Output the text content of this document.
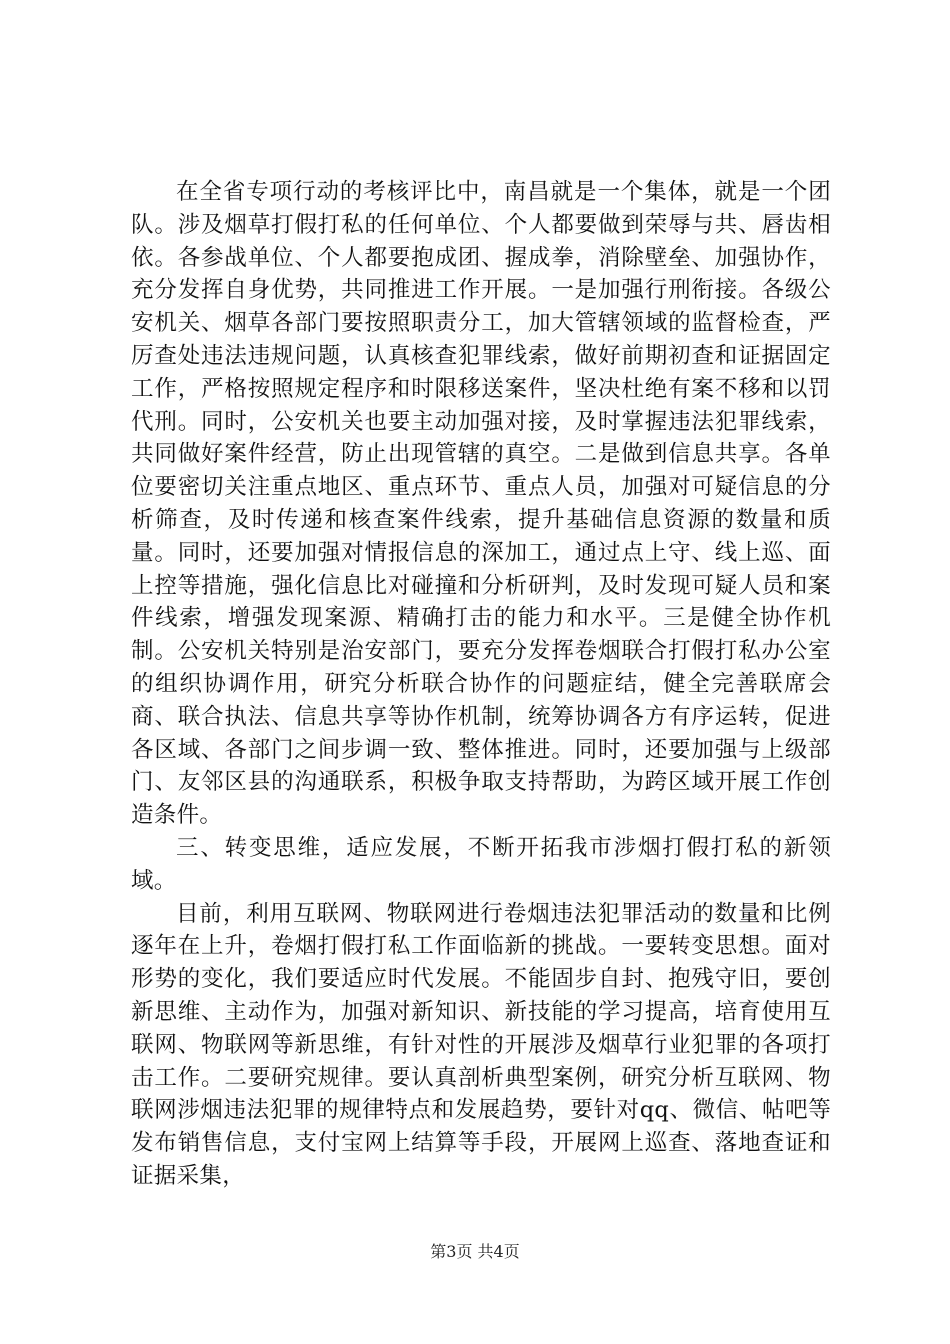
在全省专项行动的考核评比中，南昌就是一个集体，就是一个团队。涉及烟草打假打私的任何单位、个人都要做到荣辱与共、唇齿相依。各参战单位、个人都要抱成团、握成拳，消除壁垒、加强协作，充分发挥自身优势，共同推进工作开展。一是加强行刑衔接。各级公安机关、烟草各部门要按照职责分工，加大管辖领域的监督检查，严厉查处违法违规问题，认真核查犯罪线索，做好前期初查和证据固定工作，严格按照规定程序和时限移送案件，坚决杜绝有案不移和以罚代刑。同时，公安机关也要主动加强对接，及时掌握违法犯罪线索，共同做好案件经营，防止出现管辖的真空。二是做到信息共享。各单位要密切关注重点地区、重点环节、重点人员，加强对可疑信息的分析筛查，及时传递和核查案件线索，提升基础信息资源的数量和质量。同时，还要加强对情报信息的深加工，通过点上守、线上巡、面上控等措施，强化信息比对碰撞和分析研判，及时发现可疑人员和案件线索，增强发现案源、精确打击的能力和水平。三是健全协作机制。公安机关特别是治安部门，要充分发挥卷烟联合打假打私办公室的组织协调作用，研究分析联合协作的问题症结，健全完善联席会商、联合执法、信息共享等协作机制，统筹协调各方有序运转，促进各区域、各部门之间步调一致、整体推进。同时，还要加强与上级部门、友邻区县的沟通联系，积极争取支持帮助，为跨区域开展工作创造条件。

三、转变思维，适应发展，不断开拓我市涉烟打假打私的新领域。

目前，利用互联网、物联网进行卷烟违法犯罪活动的数量和比例逐年在上升，卷烟打假打私工作面临新的挑战。一要转变思想。面对形势的变化，我们要适应时代发展。不能固步自封、抱残守旧，要创新思维、主动作为，加强对新知识、新技能的学习提高，培育使用互联网、物联网等新思维，有针对性的开展涉及烟草行业犯罪的各项打击工作。二要研究规律。要认真剖析典型案例，研究分析互联网、物联网涉烟违法犯罪的规律特点和发展趋势，要针对qq、微信、帖吧等发布销售信息，支付宝网上结算等手段，开展网上巡查、落地查证和证据采集，

第3页 共4页
